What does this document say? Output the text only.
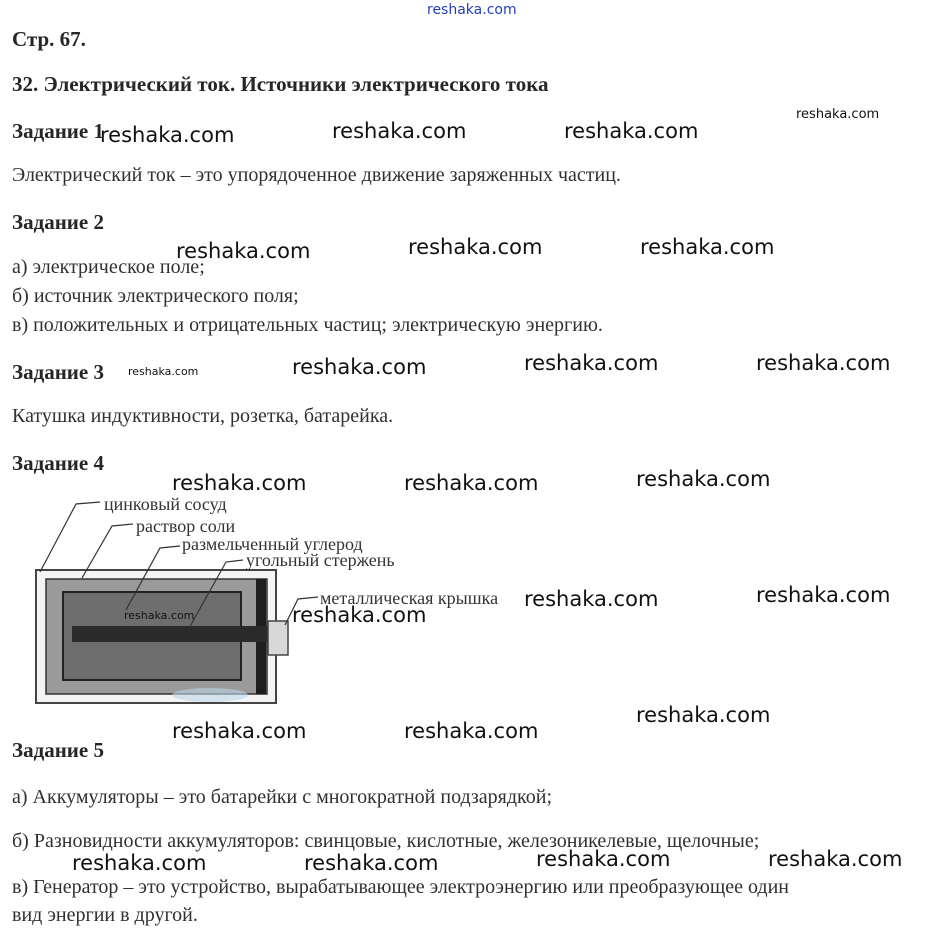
reshaka.com
Стр. 67.
32. Электрический ток. Источники электрического тока
Задание 1
Электрический ток – это упорядоченное движение заряженных частиц.
Задание 2
а) электрическое поле;
б) источник электрического поля;
в) положительных и отрицательных частиц; электрическую энергию.
Задание 3
Катушка индуктивности, розетка, батарейка.
Задание 4
цинковый сосуд
раствор соли
размельченный углерод
угольный стержень
металлическая крышка
Задание 5
а) Аккумуляторы – это батарейки с многократной подзарядкой;
б) Разновидности аккумуляторов: свинцовые, кислотные, железоникелевые, щелочные;
в) Генератор – это устройство, вырабатывающее электроэнергию или преобразующее один
вид энергии в другой.
reshaka.com
reshaka.com	reshaka.com	reshaka.com
reshaka.com	reshaka.com	reshaka.com
reshaka.com	reshaka.com	reshaka.com	reshaka.com
reshaka.com	reshaka.com	reshaka.com
reshaka.com	reshaka.com
reshaka.com	reshaka.com
reshaka.com
reshaka.com	reshaka.com
reshaka.com	reshaka.com	reshaka.com	reshaka.com
